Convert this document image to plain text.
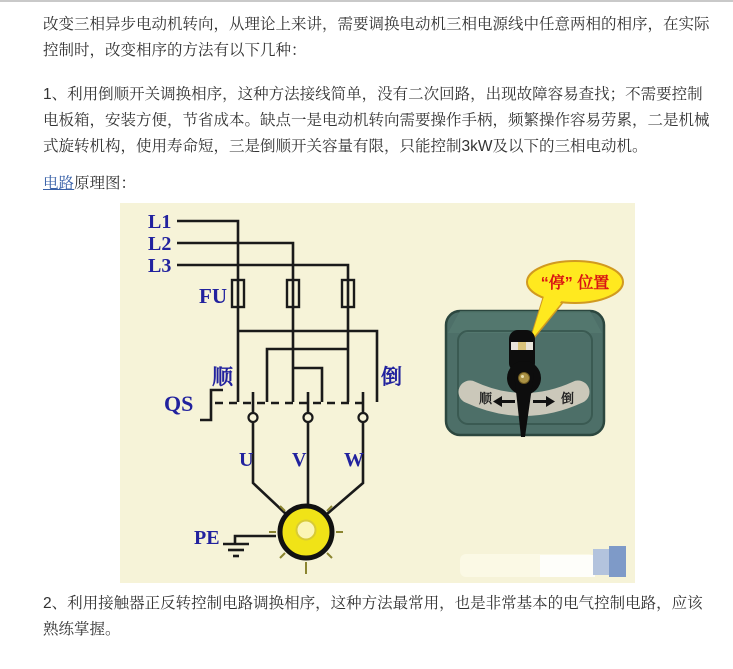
改变三相异步电动机转向，从理论上来讲，需要调换电动机三相电源线中任意两相的相序，在实际控制时，改变相序的方法有以下几种：

1、利用倒顺开关调换相序，这种方法接线简单，没有二次回路，出现故障容易查找；不需要控制电板箱，安装方便，节省成本。缺点一是电动机转向需要操作手柄，频繁操作容易劳累，二是机械式旋转机构，使用寿命短，三是倒顺开关容量有限，只能控制3kW及以下的三相电动机。

电路原理图：

L1
L2
L3
FU
QS
顺	倒
U V W
PE
顺	倒
“停” 位置

2、利用接触器正反转控制电路调换相序，这种方法最常用，也是非常基本的电气控制电路，应该熟练掌握。
